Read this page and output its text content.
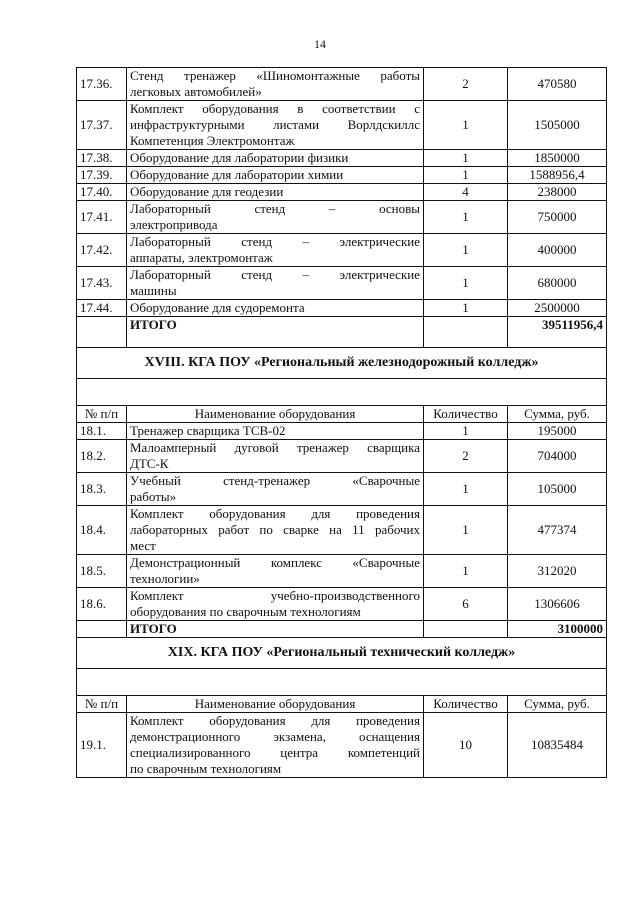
14
17.36.	Стенд тренажер «Шиномонтажные работы
легковых автомобилей»	2	470580
17.37.	Комплект оборудования в соответствии с
инфраструктурными листами Ворлдскиллс
Компетенция Электромонтаж	1	1505000
17.38.	Оборудование для лаборатории физики	1	1850000
17.39.	Оборудование для лаборатории химии	1	1588956,4
17.40.	Оборудование для геодезии	4	238000
17.41.	Лабораторный стенд – основы
электропривода	1	750000
17.42.	Лабораторный стенд – электрические
аппараты, электромонтаж	1	400000
17.43.	Лабораторный стенд – электрические
машины	1	680000
17.44.	Оборудование для судоремонта	1	2500000
	ИТОГО		39511956,4
XVIII. КГА ПОУ «Региональный железнодорожный колледж»			

№ п/п	Наименование оборудования	Количество	Сумма, руб.
18.1.	Тренажер сварщика ТСВ-02	1	195000
18.2.	Малоамперный дуговой тренажер сварщика
ДТС-К	2	704000
18.3.	Учебный стенд-тренажер «Сварочные
работы»	1	105000
18.4.	Комплект оборудования для проведения
лабораторных работ по сварке на 11 рабочих
мест	1	477374
18.5.	Демонстрационный комплекс «Сварочные
технологии»	1	312020
18.6.	Комплект учебно-производственного
оборудования по сварочным технологиям	6	1306606
	ИТОГО		3100000
XIX. КГА ПОУ «Региональный технический колледж»			

№ п/п	Наименование оборудования	Количество	Сумма, руб.
19.1.	Комплект оборудования для проведения
демонстрационного экзамена, оснащения
специализированного центра компетенций
по сварочным технологиям	10	10835484
